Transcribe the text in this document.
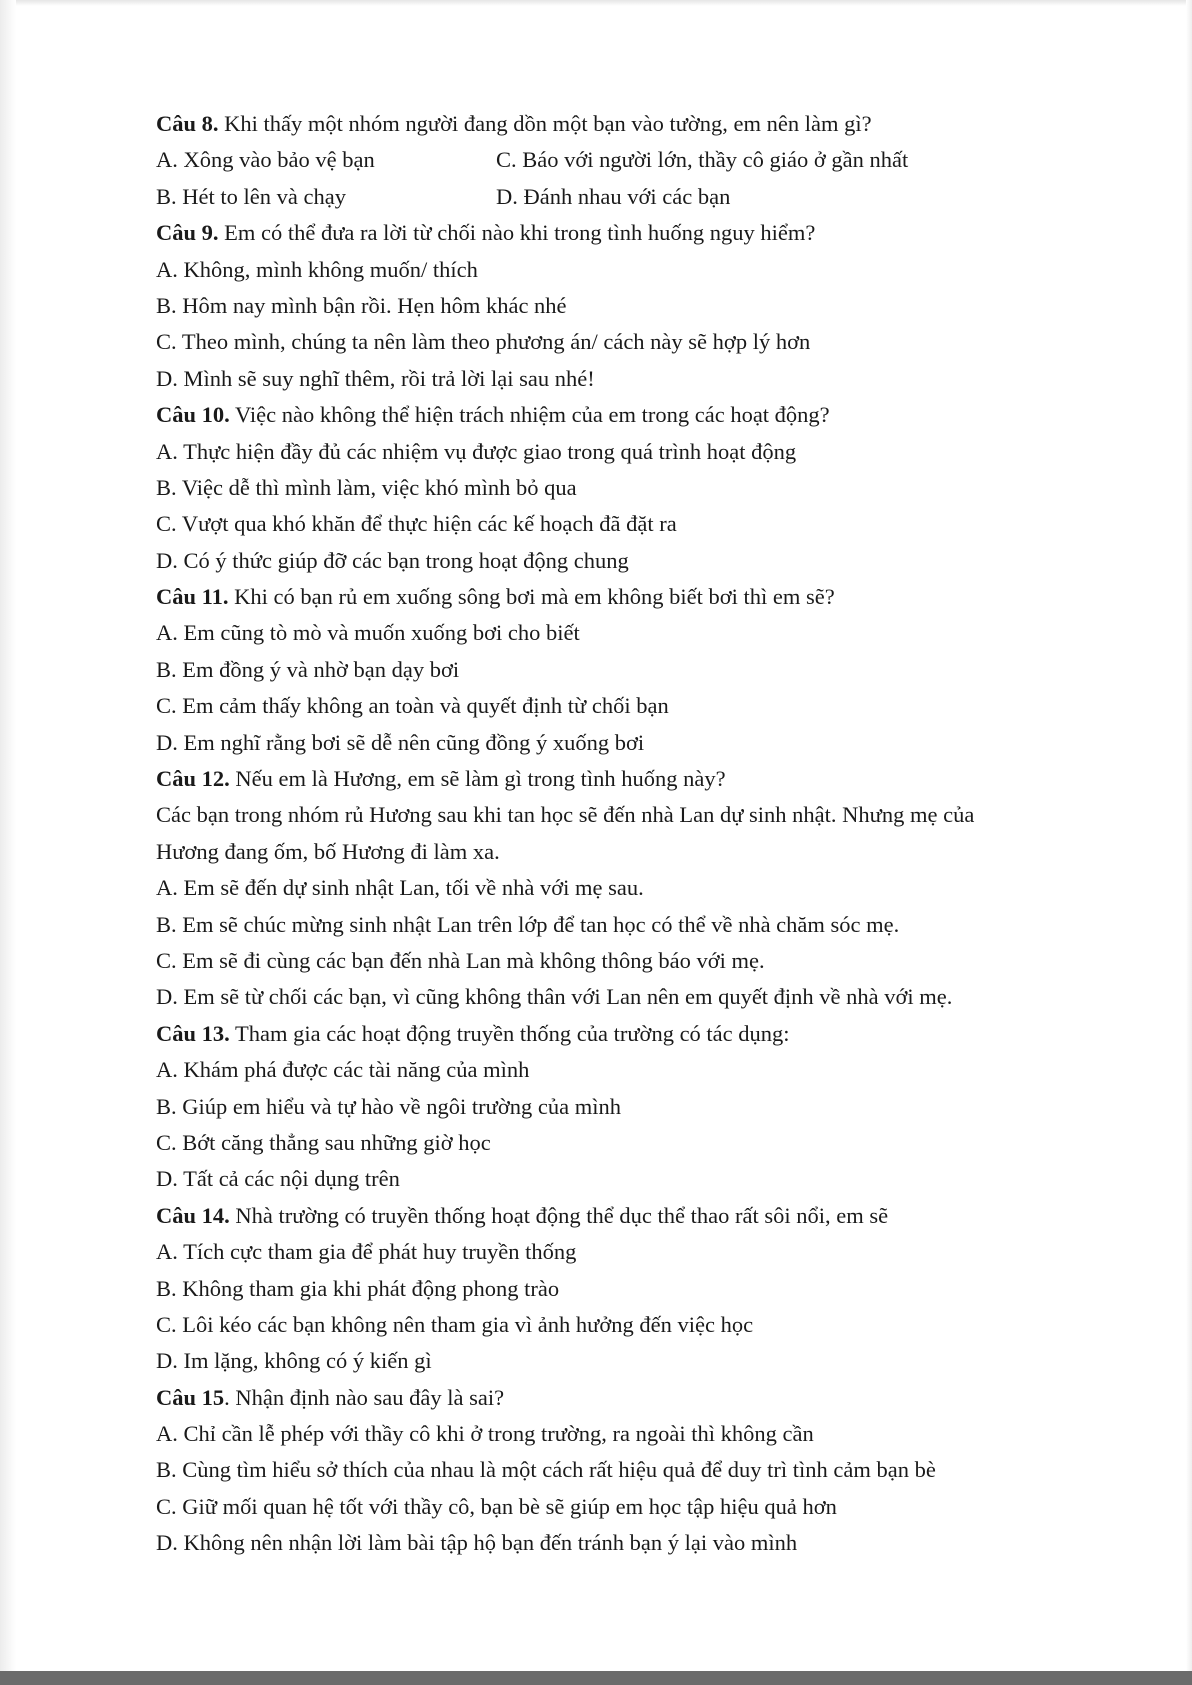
Câu 8. Khi thấy một nhóm người đang dồn một bạn vào tường, em nên làm gì?
A. Xông vào bảo vệ bạn	C. Báo với người lớn, thầy cô giáo ở gần nhất
B. Hét to lên và chạy	D. Đánh nhau với các bạn
Câu 9. Em có thể đưa ra lời từ chối nào khi trong tình huống nguy hiểm?
A. Không, mình không muốn/ thích
B. Hôm nay mình bận rồi. Hẹn hôm khác nhé
C. Theo mình, chúng ta nên làm theo phương án/ cách này sẽ hợp lý hơn
D. Mình sẽ suy nghĩ thêm, rồi trả lời lại sau nhé!
Câu 10. Việc nào không thể hiện trách nhiệm của em trong các hoạt động?
A. Thực hiện đầy đủ các nhiệm vụ được giao trong quá trình hoạt động
B. Việc dễ thì mình làm, việc khó mình bỏ qua
C. Vượt qua khó khăn để thực hiện các kế hoạch đã đặt ra
D. Có ý thức giúp đỡ các bạn trong hoạt động chung
Câu 11. Khi có bạn rủ em xuống sông bơi mà em không biết bơi thì em sẽ?
A. Em cũng tò mò và muốn xuống bơi cho biết
B. Em đồng ý và nhờ bạn dạy bơi
C. Em cảm thấy không an toàn và quyết định từ chối bạn
D. Em nghĩ rằng bơi sẽ dễ nên cũng đồng ý xuống bơi
Câu 12. Nếu em là Hương, em sẽ làm gì trong tình huống này?
Các bạn trong nhóm rủ Hương sau khi tan học sẽ đến nhà Lan dự sinh nhật. Nhưng mẹ của
Hương đang ốm, bố Hương đi làm xa.
A. Em sẽ đến dự sinh nhật Lan, tối về nhà với mẹ sau.
B. Em sẽ chúc mừng sinh nhật Lan trên lớp để tan học có thể về nhà chăm sóc mẹ.
C. Em sẽ đi cùng các bạn đến nhà Lan mà không thông báo với mẹ.
D. Em sẽ từ chối các bạn, vì cũng không thân với Lan nên em quyết định về nhà với mẹ.
Câu 13. Tham gia các hoạt động truyền thống của trường có tác dụng:
A. Khám phá được các tài năng của mình
B. Giúp em hiểu và tự hào về ngôi trường của mình
C. Bớt căng thẳng sau những giờ học
D. Tất cả các nội dụng trên
Câu 14. Nhà trường có truyền thống hoạt động thể dục thể thao rất sôi nổi, em sẽ
A. Tích cực tham gia để phát huy truyền thống
B. Không tham gia khi phát động phong trào
C. Lôi kéo các bạn không nên tham gia vì ảnh hưởng đến việc học
D. Im lặng, không có ý kiến gì
Câu 15. Nhận định nào sau đây là sai?
A. Chỉ cần lễ phép với thầy cô khi ở trong trường, ra ngoài thì không cần
B. Cùng tìm hiểu sở thích của nhau là một cách rất hiệu quả để duy trì tình cảm bạn bè
C. Giữ mối quan hệ tốt với thầy cô, bạn bè sẽ giúp em học tập hiệu quả hơn
D. Không nên nhận lời làm bài tập hộ bạn đến tránh bạn ý lại vào mình
